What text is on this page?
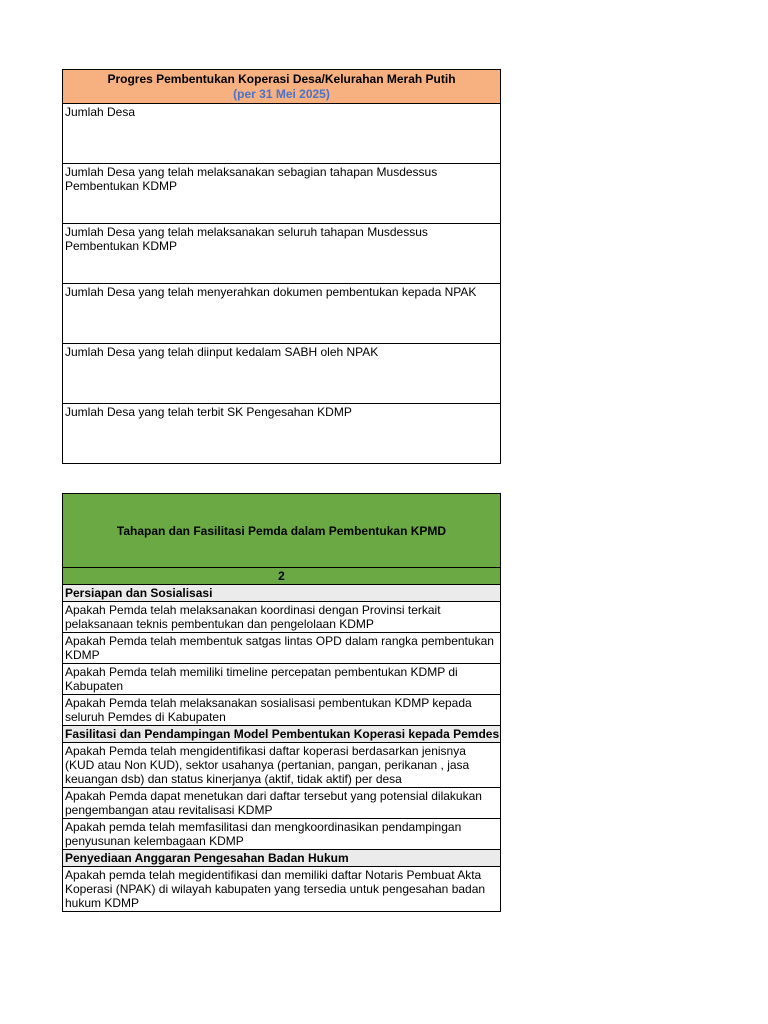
Progres Pembentukan Koperasi Desa/Kelurahan Merah Putih
(per 31 Mei 2025)

Jumlah Desa
Jumlah Desa yang telah melaksanakan sebagian tahapan Musdessus Pembentukan KDMP
Jumlah Desa yang telah melaksanakan seluruh tahapan Musdessus Pembentukan KDMP
Jumlah Desa yang telah menyerahkan dokumen pembentukan kepada NPAK
Jumlah Desa yang telah diinput kedalam SABH oleh NPAK
Jumlah Desa yang telah terbit SK Pengesahan KDMP
Tahapan dan Fasilitasi Pemda dalam Pembentukan KPMD
2
Persiapan dan Sosialisasi
Apakah Pemda telah melaksanakan koordinasi dengan Provinsi terkait pelaksanaan teknis pembentukan dan pengelolaan KDMP
Apakah Pemda telah membentuk satgas lintas OPD dalam rangka pembentukan KDMP
Apakah Pemda telah memiliki timeline percepatan pembentukan KDMP di Kabupaten
Apakah Pemda telah melaksanakan sosialisasi pembentukan KDMP kepada seluruh Pemdes di Kabupaten
Fasilitasi dan Pendampingan Model Pembentukan Koperasi kepada Pemdes
Apakah Pemda telah mengidentifikasi daftar koperasi berdasarkan jenisnya (KUD atau Non KUD), sektor usahanya (pertanian, pangan, perikanan , jasa keuangan dsb) dan status kinerjanya (aktif, tidak aktif) per desa
Apakah Pemda dapat menetukan dari daftar tersebut yang potensial dilakukan pengembangan atau revitalisasi KDMP
Apakah pemda telah memfasilitasi dan mengkoordinasikan pendampingan penyusunan kelembagaan KDMP
Penyediaan Anggaran Pengesahan Badan Hukum
Apakah pemda telah megidentifikasi dan memiliki daftar Notaris Pembuat Akta Koperasi (NPAK) di wilayah kabupaten yang tersedia untuk pengesahan badan hukum KDMP
